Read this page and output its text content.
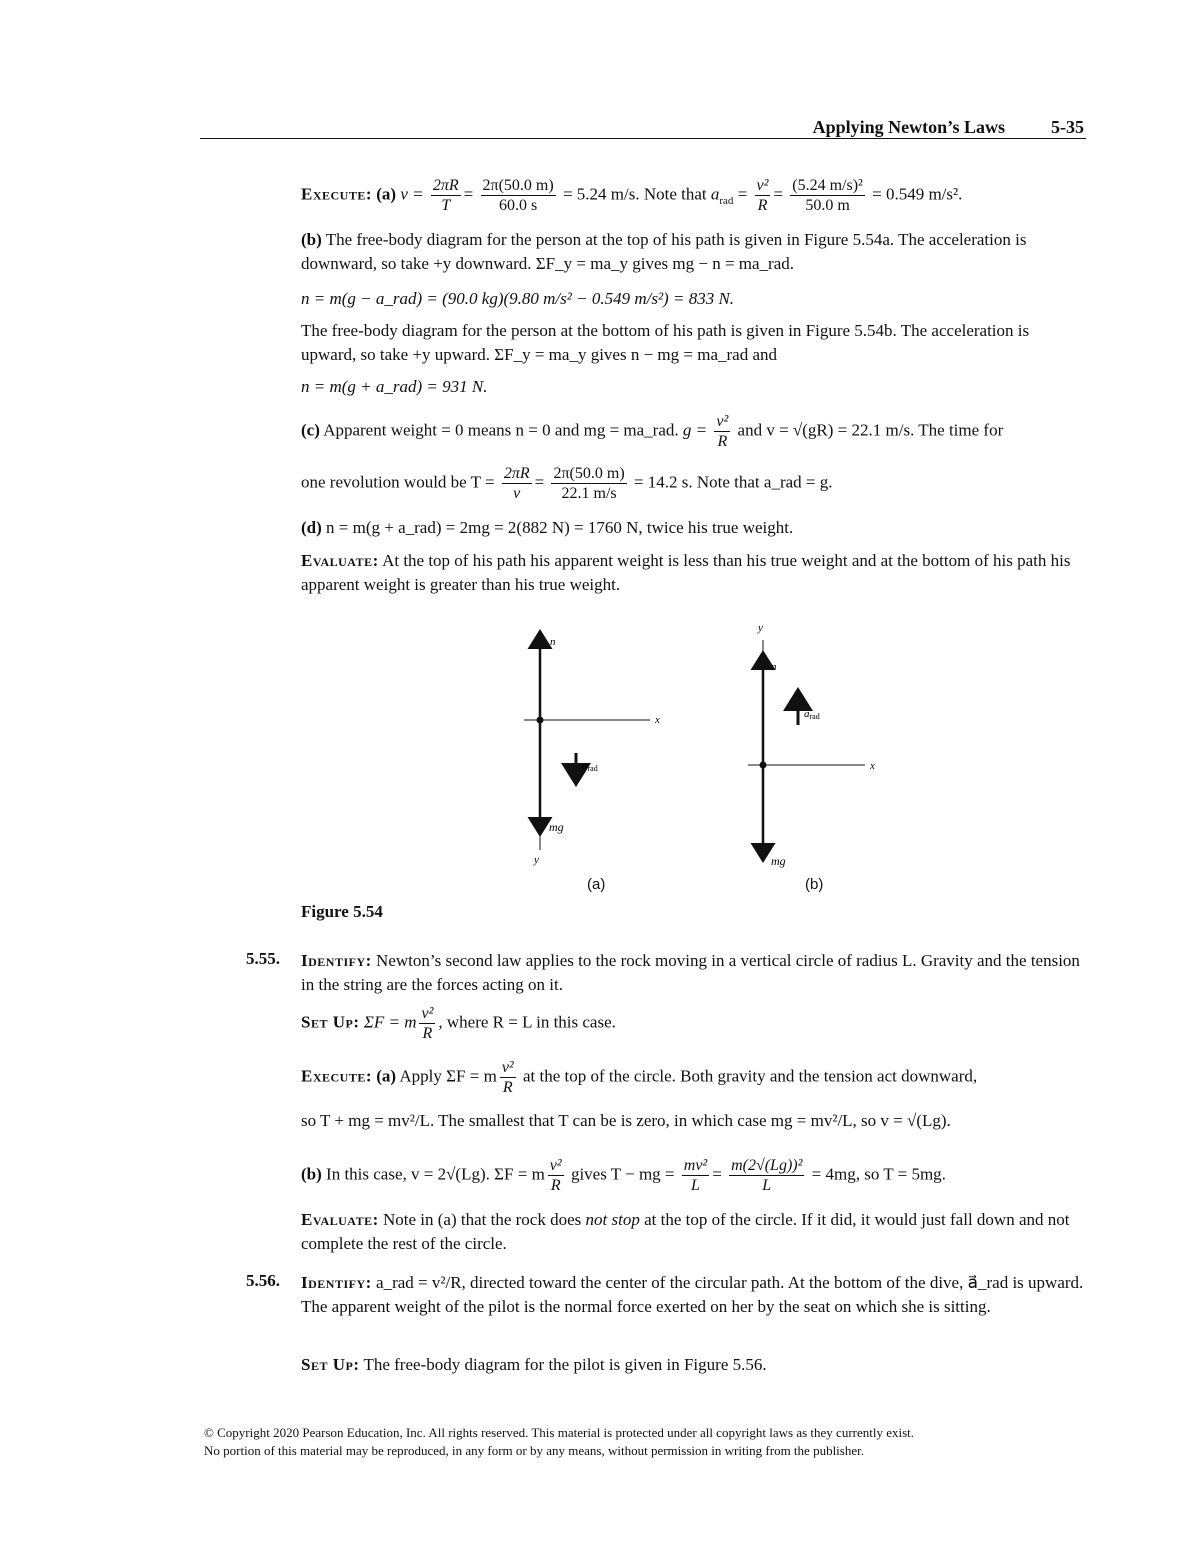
Applying Newton’s Laws	5-35
Execute: (a) $v = \frac{2\pi R}{T} = \frac{2\pi(50.0 m)}{60.0 s} = 5.24$ m/s. Note that $a_{rad} = \frac{\text{v²}}{R} = \frac{\text{(5.24 m/s)²}}{50.0 m} = 0.549$ m/s².
(b) The free-body diagram for the person at the top of his path is given in Figure 5.54a. The acceleration is downward, so take +y downward. ΣF_y = ma_y gives mg − n = ma_rad.
n = m(g − a_rad) = (90.0 kg)(9.80 m/s² − 0.549 m/s²) = 833 N.
The free-body diagram for the person at the bottom of his path is given in Figure 5.54b. The acceleration is upward, so take +y upward. ΣF_y = ma_y gives n − mg = ma_rad and
n = m(g + a_rad) = 931 N.
(c) Apparent weight = 0 means n = 0 and mg = ma_rad. $g = \frac{\text{v²}}{R}$ and v = √(gR) = 22.1 m/s. The time for
one revolution would be $T = \frac{2\pi R}{v} = \frac{2\pi(50.0 m)}{22.1 m/s} = 14.2$ s. Note that a_rad = g.
(d) n = m(g + a_rad) = 2mg = 2(882 N) = 1760 N, twice his true weight.
Evaluate: At the top of his path his apparent weight is less than his true weight and at the bottom of his path his apparent weight is greater than his true weight.
n
x
y
mg
arad
y
n
x
mg
arad
(a)	(b)
Figure 5.54
5.55. Identify: Newton’s second law applies to the rock moving in a vertical circle of radius L. Gravity and the tension in the string are the forces acting on it.
Set Up: ΣF = m $\frac{\text{v²}}{R}$ , where R = L in this case.
Execute: (a) Apply ΣF = m $\frac{\text{v²}}{R}$ at the top of the circle. Both gravity and the tension act downward,
so T + mg = mv²/L. The smallest that T can be is zero, in which case mg = mv²/L, so v = √(Lg).
(b) In this case, v = 2√(Lg). ΣF = m $\frac{\text{v²}}{R}$ gives T − mg = $\frac{\text{mv²}}{L} = \frac{\text{m(2√(Lg))²}}{L} = 4mg$, so T = 5mg.
Evaluate: Note in (a) that the rock does not stop at the top of the circle. If it did, it would just fall down and not complete the rest of the circle.
5.56. Identify: a_rad = v²/R, directed toward the center of the circular path. At the bottom of the dive, a⃗_rad is upward. The apparent weight of the pilot is the normal force exerted on her by the seat on which she is sitting.
Set Up: The free-body diagram for the pilot is given in Figure 5.56.
© Copyright 2020 Pearson Education, Inc. All rights reserved. This material is protected under all copyright laws as they currently exist.
No portion of this material may be reproduced, in any form or by any means, without permission in writing from the publisher.
